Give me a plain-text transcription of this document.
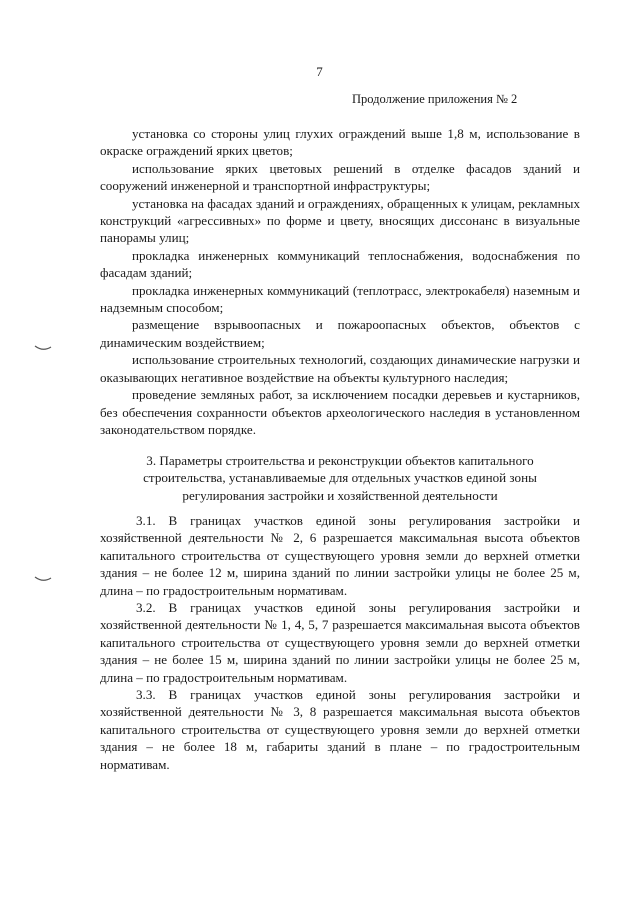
7
Продолжение приложения № 2

установка со стороны улиц глухих ограждений выше 1,8 м, использование в окраске ограждений ярких цветов;

использование ярких цветовых решений в отделке фасадов зданий и сооружений инженерной и транспортной инфраструктуры;

установка на фасадах зданий и ограждениях, обращенных к улицам, рекламных конструкций «агрессивных» по форме и цвету, вносящих диссонанс в визуальные панорамы улиц;

прокладка инженерных коммуникаций теплоснабжения, водоснабжения по фасадам зданий;

прокладка инженерных коммуникаций (теплотрасс, электрокабеля) наземным и надземным способом;

размещение взрывоопасных и пожароопасных объектов, объектов с динамическим воздействием;

использование строительных технологий, создающих динамические нагрузки и оказывающих негативное воздействие на объекты культурного наследия;

проведение земляных работ, за исключением посадки деревьев и кустарников, без обеспечения сохранности объектов археологического наследия в установленном законодательством порядке.

3. Параметры строительства и реконструкции объектов капитального
строительства, устанавливаемые для отдельных участков единой зоны
регулирования застройки и хозяйственной деятельности

3.1. В границах участков единой зоны регулирования застройки и хозяйственной деятельности № 2, 6 разрешается максимальная высота объектов капитального строительства от существующего уровня земли до верхней отметки здания – не более 12 м, ширина зданий по линии застройки улицы не более 25 м, длина – по градостроительным нормативам.

3.2. В границах участков единой зоны регулирования застройки и хозяйственной деятельности № 1, 4, 5, 7 разрешается максимальная высота объектов капитального строительства от существующего уровня земли до верхней отметки здания – не более 15 м, ширина зданий по линии застройки улицы не более 25 м, длина – по градостроительным нормативам.

3.3. В границах участков единой зоны регулирования застройки и хозяйственной деятельности № 3, 8 разрешается максимальная высота объектов капитального строительства от существующего уровня земли до верхней отметки здания – не более 18 м, габариты зданий в плане – по градостроительным нормативам.
